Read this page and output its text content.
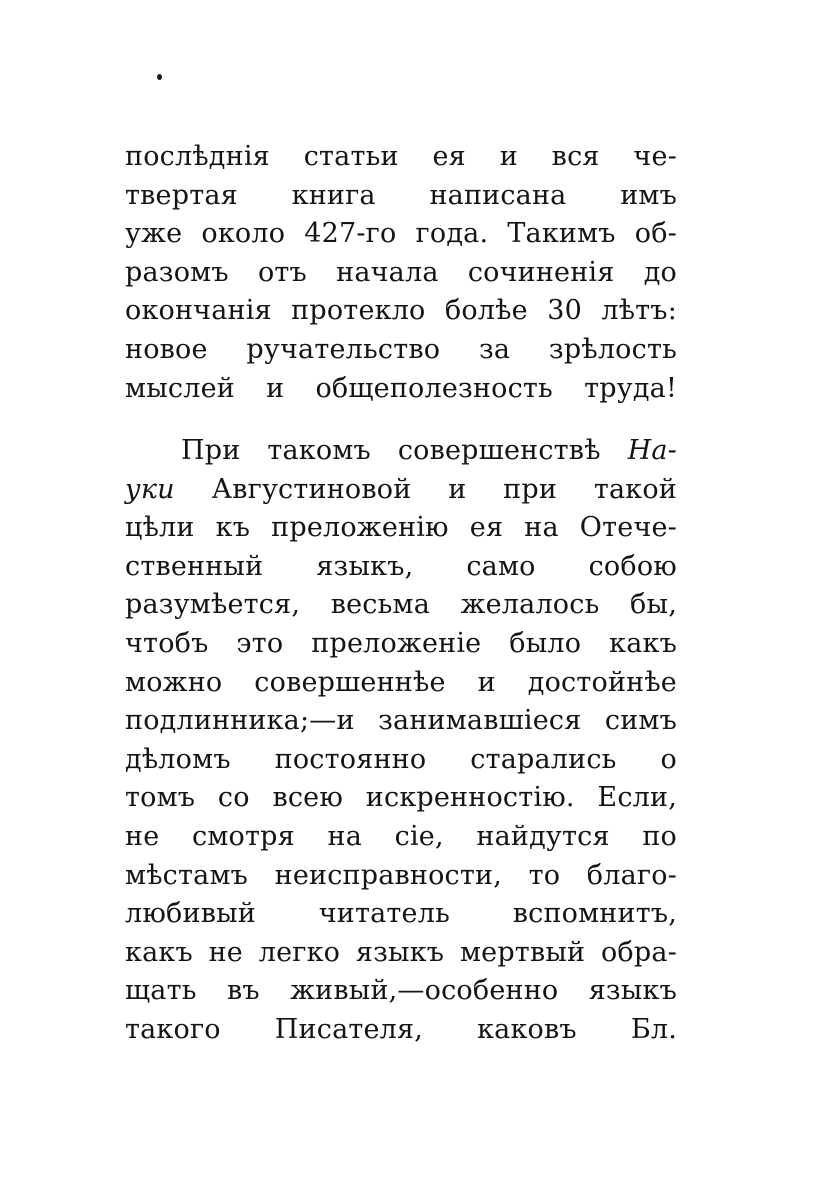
послѣднія статьи ея и вся че-
твертая книга написана имъ
уже около 427-го года. Такимъ об-
разомъ отъ начала сочиненія до
окончанія протекло болѣе 30 лѣтъ:
новое ручательство за зрѣлость
мыслей и общеполезность труда!
При такомъ совершенствѣ На-
уки Августиновой и при такой
цѣли къ преложенію ея на Отече-
ственный языкъ, само собою
разумѣется, весьма желалось бы,
чтобъ это преложеніе было какъ
можно совершеннѣе и достойнѣе
подлинника;—и занимавшіеся симъ
дѣломъ постоянно старались о
томъ со всею искренностію. Если,
не смотря на сіе, найдутся по
мѣстамъ неисправности, то благо-
любивый читатель вспомнитъ,
какъ не легко языкъ мертвый обра-
щать въ живый,—особенно языкъ
такого Писателя, каковъ Бл.
